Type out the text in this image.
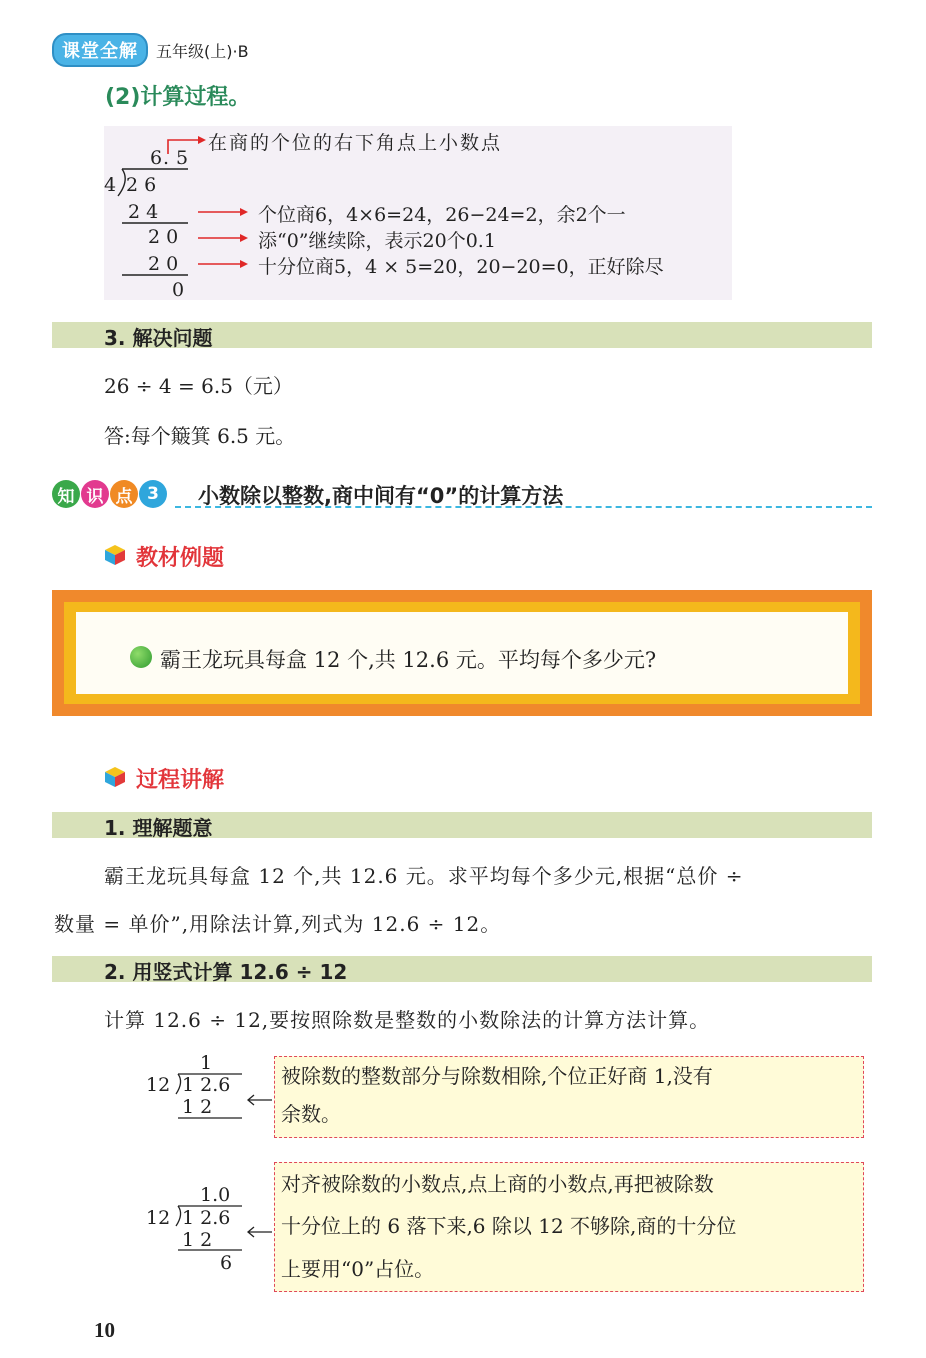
课堂全解	五年级(上)·B
(2)计算过程。
6 . 5
4 2 6
2 4
2 0
2 0
0
在商的个位的右下角点上小数点
个位商6，4×6=24，26−24=2，余2个一
添“0”继续除，表示20个0.1
十分位商5，4 × 5=20，20−20=0，正好除尽
3. 解决问题
26 ÷ 4 = 6.5（元）
答:每个簸箕 6.5 元。
知 识 点 3	小数除以整数,商中间有“0”的计算方法
教材例题
霸王龙玩具每盒 12 个,共 12.6 元。平均每个多少元?
过程讲解
1. 理解题意
霸王龙玩具每盒 12 个,共 12.6 元。求平均每个多少元,根据“总价 ÷
数量 = 单价”,用除法计算,列式为 12.6 ÷ 12。
2. 用竖式计算 12.6 ÷ 12
计算 12.6 ÷ 12,要按照除数是整数的小数除法的计算方法计算。
1
12 1 2.6
1 2
被除数的整数部分与除数相除,个位正好商 1,没有
余数。
1.0
12 1 2.6
1 2
6
对齐被除数的小数点,点上商的小数点,再把被除数
十分位上的 6 落下来,6 除以 12 不够除,商的十分位
上要用“0”占位。
10
